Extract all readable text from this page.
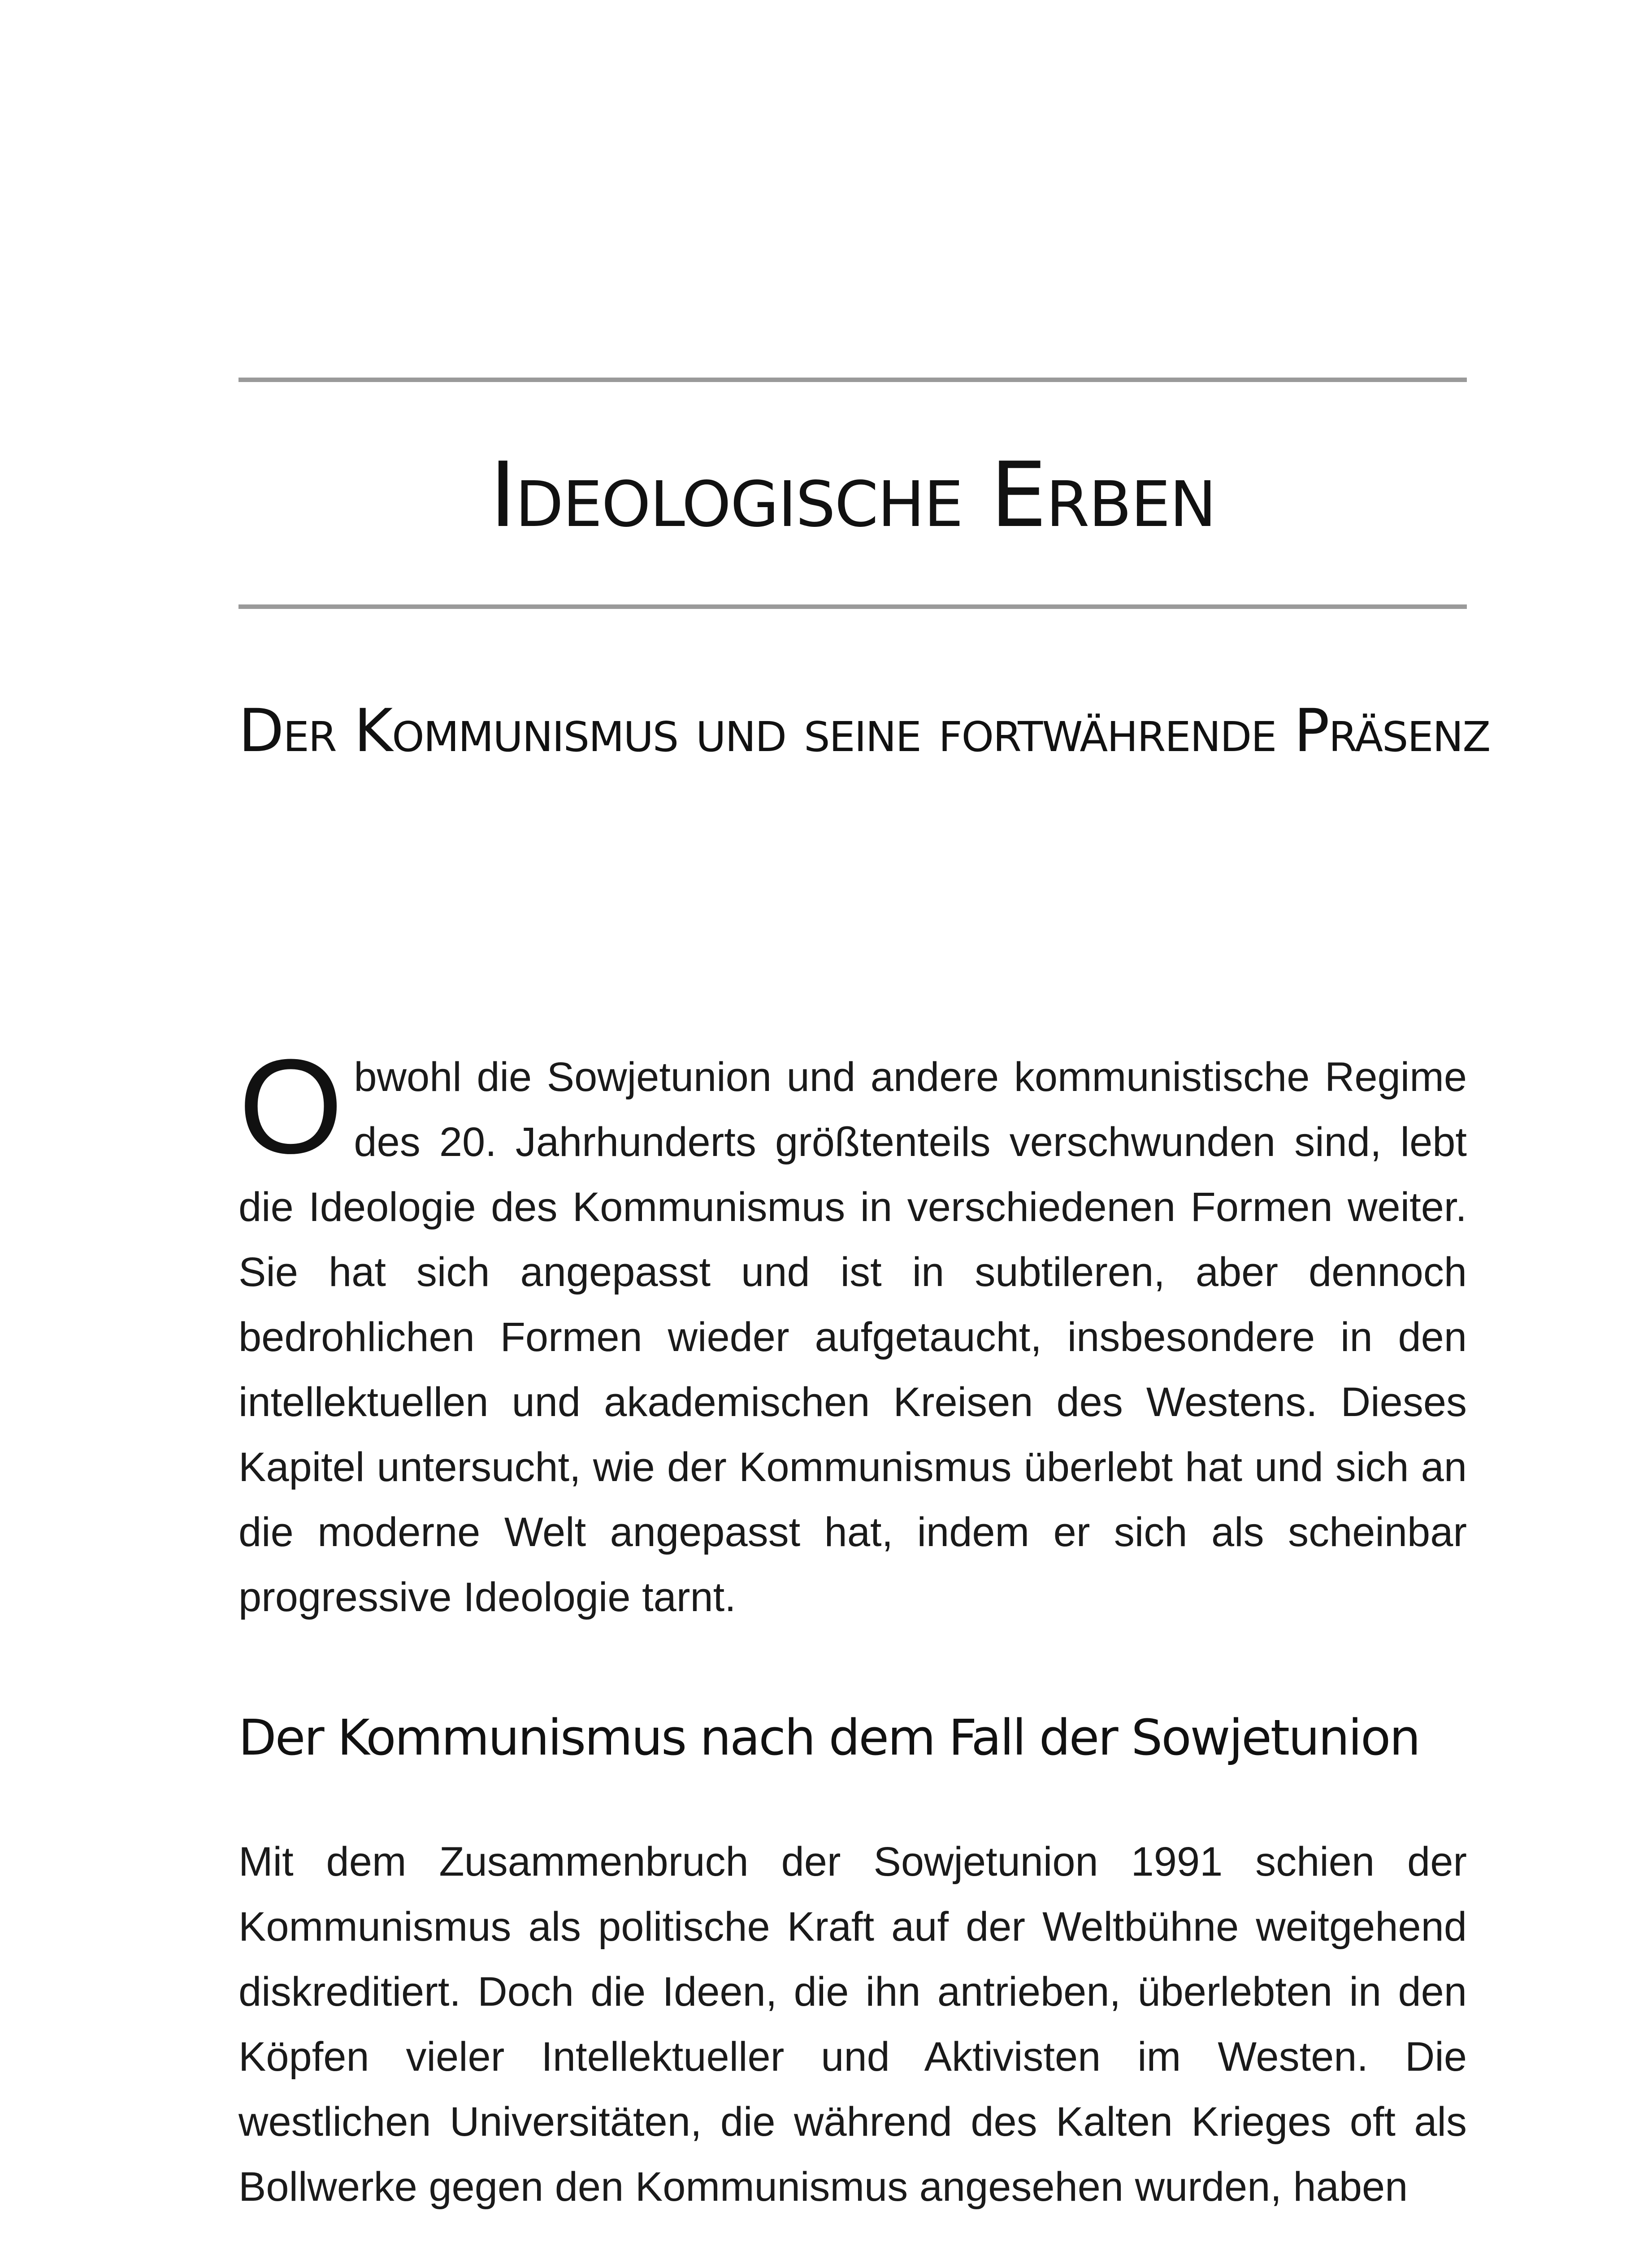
Ideologische Erben
Der Kommunismus und seine fortwährende Präsenz

Obwohl die Sowjetunion und andere kommunistische Regime des 20. Jahrhunderts größtenteils verschwunden sind, lebt die Ideologie des Kommunismus in verschiedenen Formen weiter. Sie hat sich angepasst und ist in subtileren, aber dennoch bedrohlichen Formen wieder aufgetaucht, insbesondere in den intellektuellen und akademischen Kreisen des Westens. Dieses Kapitel untersucht, wie der Kommunismus überlebt hat und sich an die moderne Welt angepasst hat, indem er sich als scheinbar progressive Ideologie tarnt.

Der Kommunismus nach dem Fall der Sowjetunion

Mit dem Zusammenbruch der Sowjetunion 1991 schien der Kommunismus als politische Kraft auf der Weltbühne weitgehend diskreditiert. Doch die Ideen, die ihn antrieben, überlebten in den Köpfen vieler Intellektueller und Aktivisten im Westen. Die westlichen Universitäten, die während des Kalten Krieges oft als Bollwerke gegen den Kommunismus angesehen wurden, haben
